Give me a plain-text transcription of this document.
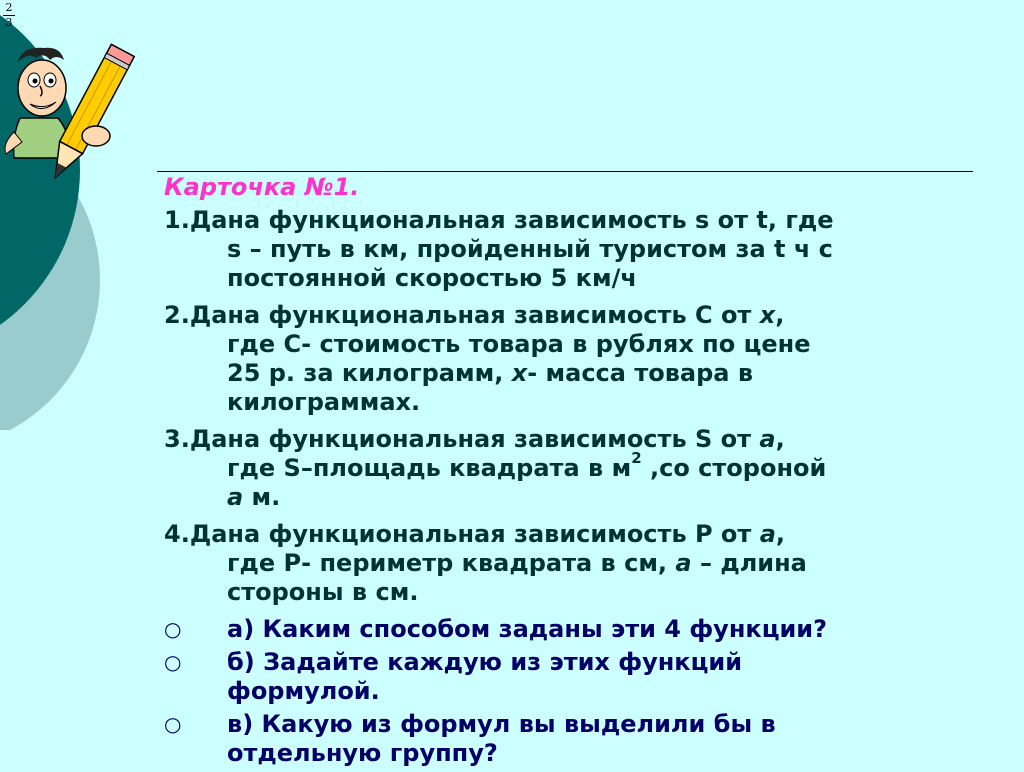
2
3
Карточка №1.
1.Дана функциональная зависимость s от t, где
s – путь в км, пройденный туристом за t ч с
постоянной скоростью 5 км/ч
2.Дана функциональная зависимость С от х,
где С- стоимость товара в рублях по цене
25 р. за килограмм, х- масса товара в
килограммах.
3.Дана функциональная зависимость S от а,
где S–площадь квадрата в $м^2$ ,со стороной
а м.
4.Дана функциональная зависимость Р от а,
где Р- периметр квадрата в см, а – длина
стороны в см.
○ а) Каким способом заданы эти 4 функции?
○ б) Задайте каждую из этих функций
формулой.
○ в) Какую из формул вы выделили бы в
отдельную группу?
